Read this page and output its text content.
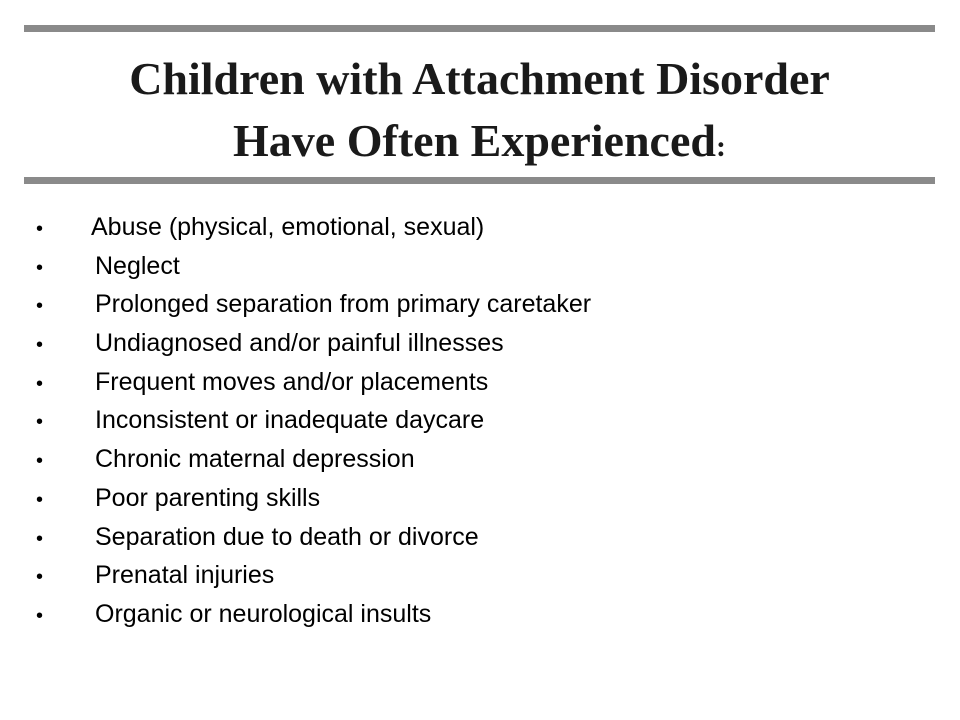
Children with Attachment Disorder
Have Often Experienced:
• Abuse (physical, emotional, sexual)
• Neglect
• Prolonged separation from primary caretaker
• Undiagnosed and/or painful illnesses
• Frequent moves and/or placements
• Inconsistent or inadequate daycare
• Chronic maternal depression
• Poor parenting skills
• Separation due to death or divorce
• Prenatal injuries
• Organic or neurological insults
